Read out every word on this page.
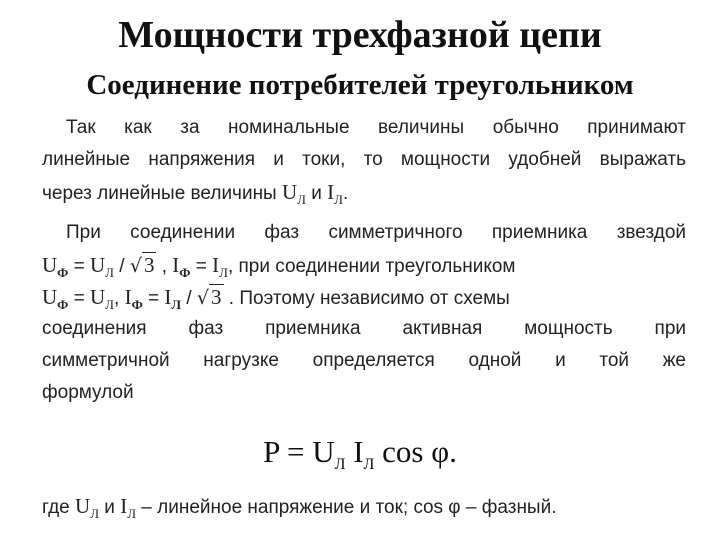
Мощности трехфазной цепи
Соединение потребителей треугольником
Так как за номинальные величины обычно принимают
линейные напряжения и токи, то мощности удобней выражать
через линейные величины $U_Л$ и $I_Л$.
При соединении фаз симметричного приемника звездой
$U_Ф = U_Л / √3$ , $I_Ф = I_Л$, при соединении треугольником
$U_Ф = U_Л$, $I_Ф = I_Л / √3$ . Поэтому независимо от схемы
соединения фаз приемника активная мощность при
симметричной нагрузке определяется одной и той же
формулой
$P = U_Л$ $I_Л$ cos φ.
где $U_Л$ и $I_Л$ – линейное напряжение и ток; cos φ – фазный.
